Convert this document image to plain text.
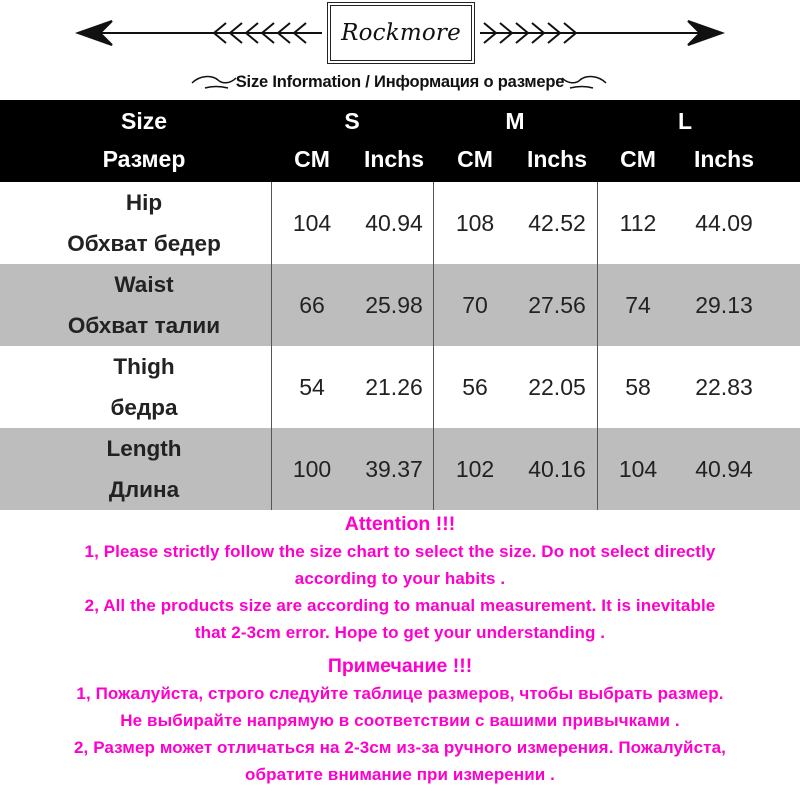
Rockmore
Size Information / Информация о размере
Size
Размер
S	M	L
CM	Inchs	CM	Inchs	CM	Inchs
Hip
Обхват бедер
104	40.94	108	42.52	112	44.09
Waist
Обхват талии
66	25.98	70	27.56	74	29.13
Thigh
бедра
54	21.26	56	22.05	58	22.83
Length
Длина
100	39.37	102	40.16	104	40.94
Attention !!!
1, Please strictly follow the size chart to select the size. Do not select directly
according to your habits .
2, All the products size are according to manual measurement. It is inevitable
that 2-3cm error. Hope to get your understanding .
Примечание !!!
1, Пожалуйста, строго следуйте таблице размеров, чтобы выбрать размер.
Не выбирайте напрямую в соответствии с вашими привычками .
2, Размер может отличаться на 2-3см из-за ручного измерения. Пожалуйста,
обратите внимание при измерении .
